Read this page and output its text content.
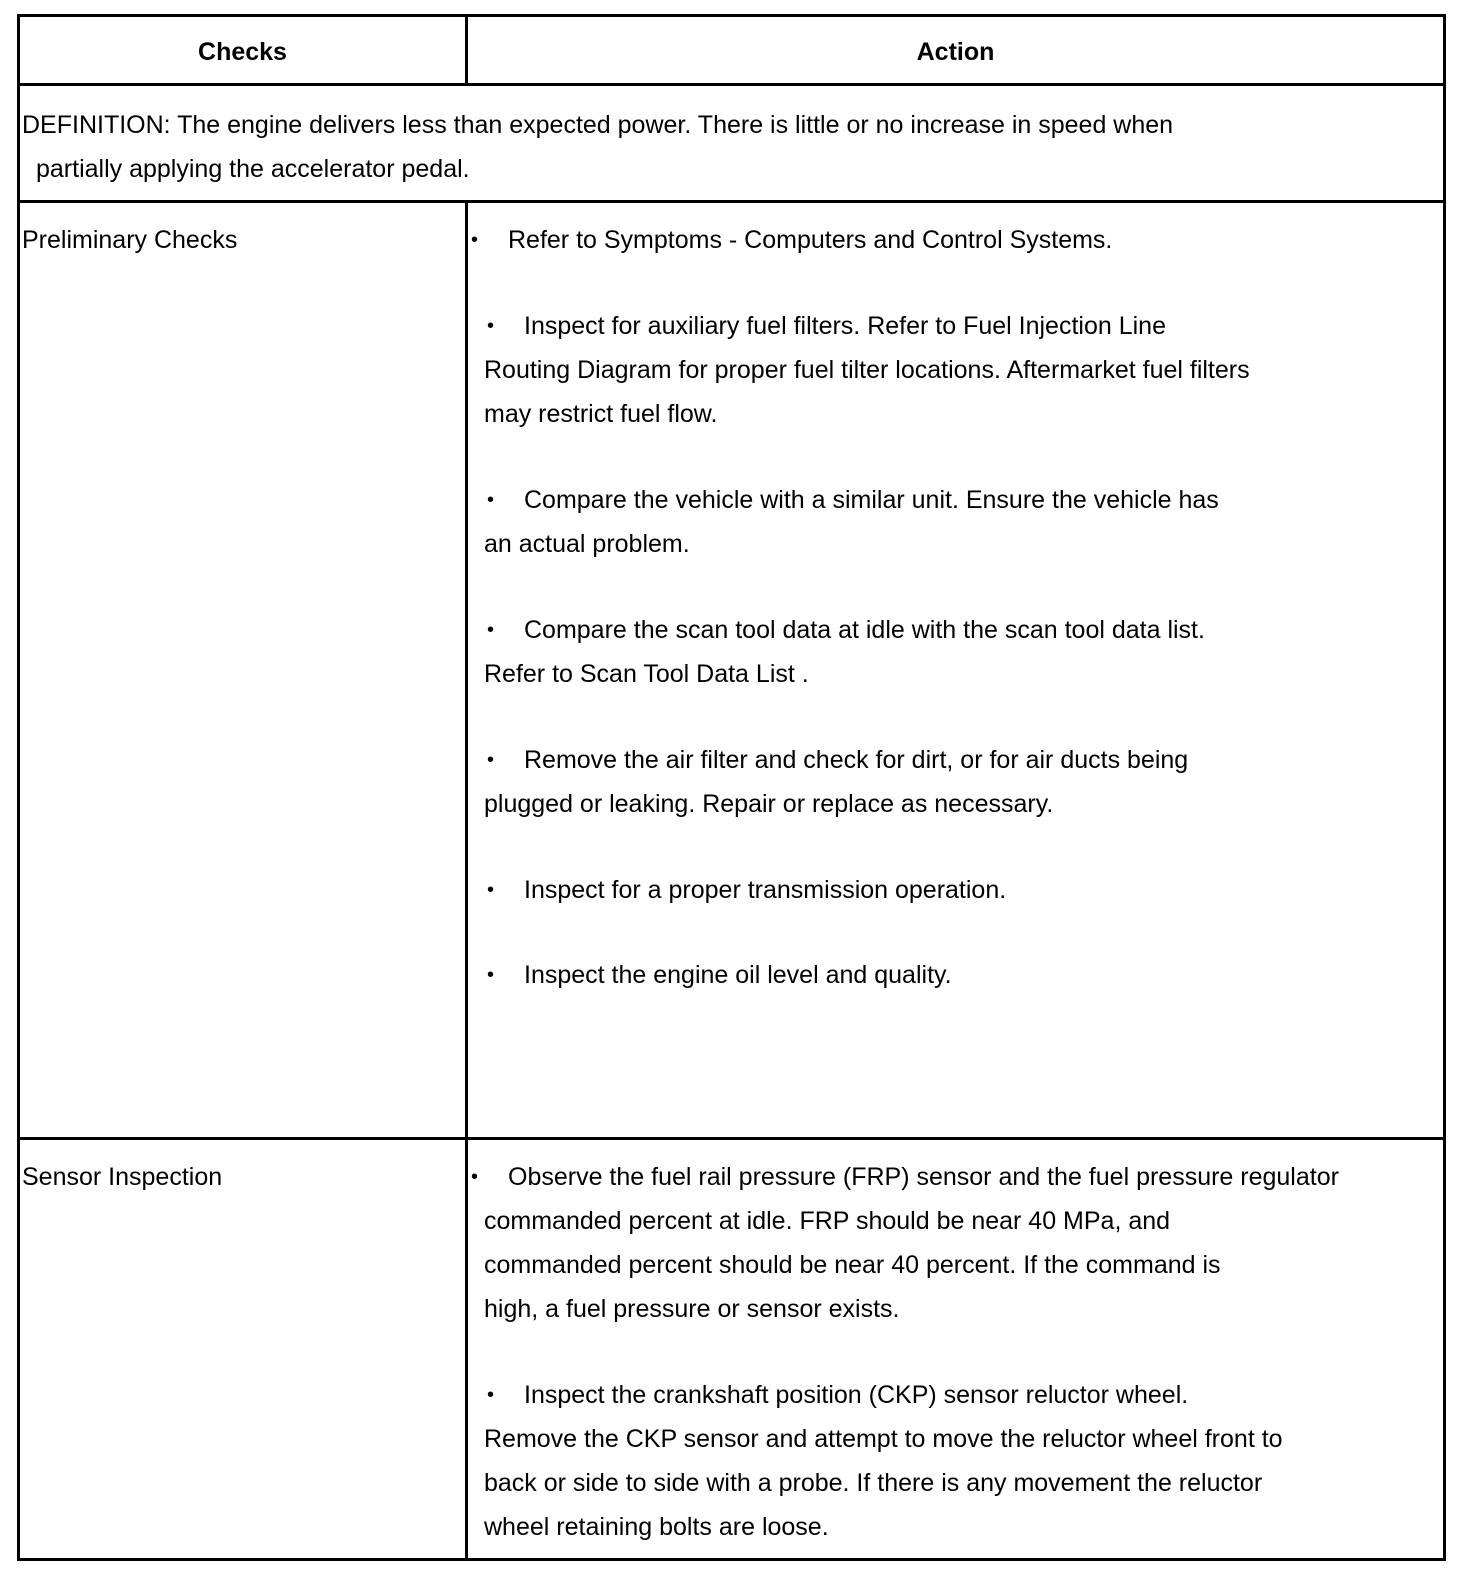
Checks	Action
DEFINITION: The engine delivers less than expected power. There is little or no increase in speed when
partially applying the accelerator pedal.
Preliminary Checks	• Refer to Symptoms - Computers and Control Systems.
• Inspect for auxiliary fuel filters. Refer to Fuel Injection Line
Routing Diagram for proper fuel tilter locations. Aftermarket fuel filters
may restrict fuel flow.
• Compare the vehicle with a similar unit. Ensure the vehicle has
an actual problem.
• Compare the scan tool data at idle with the scan tool data list.
Refer to Scan Tool Data List .
• Remove the air filter and check for dirt, or for air ducts being
plugged or leaking. Repair or replace as necessary.
• Inspect for a proper transmission operation.
• Inspect the engine oil level and quality.
Sensor Inspection	• Observe the fuel rail pressure (FRP) sensor and the fuel pressure regulator
commanded percent at idle. FRP should be near 40 MPa, and
commanded percent should be near 40 percent. If the command is
high, a fuel pressure or sensor exists.
• Inspect the crankshaft position (CKP) sensor reluctor wheel.
Remove the CKP sensor and attempt to move the reluctor wheel front to
back or side to side with a probe. If there is any movement the reluctor
wheel retaining bolts are loose.
